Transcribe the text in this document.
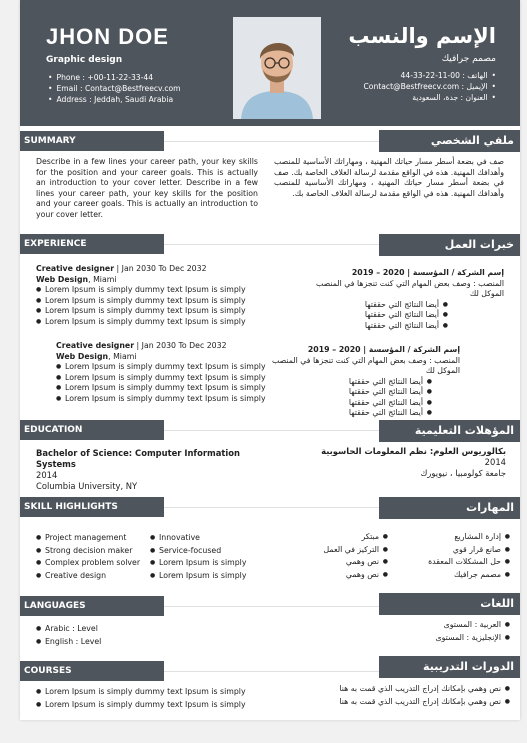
JHON DOE
Graphic design
• Phone : +00-11-22-33-44
• Email : Contact@Bestfreecv.com
• Address : Jeddah, Saudi Arabia
الإسم والنسب
مصمم جرافيك
• الهاتف : 00-11-22-33-44
• الإيميل : Contact@Bestfreecv.com
• العنوان : جدة، السعودية
SUMMARY	ملفي الشخصي
Describe in a few lines your career path, your key skills for the position and your career goals. This is actually an introduction to your cover letter. Describe in a few lines your career path, your key skills for the position and your career goals. This is actually an introduction to your cover letter.
صف في بضعة أسطر مسار حياتك المهنية ، ومهاراتك الأساسية للمنصب وأهدافك المهنية. هذه في الواقع مقدمة لرسالة الغلاف الخاصة بك. صف في بضعة أسطر مسار حياتك المهنية ، ومهاراتك الأساسية للمنصب وأهدافك المهنية. هذه في الواقع مقدمة لرسالة الغلاف الخاصة بك.
EXPERIENCE	خبرات العمل
Creative designer | Jan 2030 To Dec 2032
Web Design, Miami
● Lorem Ipsum is simply dummy text Ipsum is simply
● Lorem Ipsum is simply dummy text Ipsum is simply
● Lorem Ipsum is simply dummy text Ipsum is simply
● Lorem Ipsum is simply dummy text Ipsum is simply
Creative designer | Jan 2030 To Dec 2032
Web Design, Miami
● Lorem Ipsum is simply dummy text Ipsum is simply
● Lorem Ipsum is simply dummy text Ipsum is simply
● Lorem Ipsum is simply dummy text Ipsum is simply
● Lorem Ipsum is simply dummy text Ipsum is simply
إسم الشركة / المؤسسة | 2020 – 2019
المنصب : وصف بعض المهام التي كنت تنجزها في المنصب الموكل لك
● أيضا النتائج التي حققتها
● أيضا النتائج التي حققتها
● أيضا النتائج التي حققتها
إسم الشركة / المؤسسة | 2020 – 2019
المنصب : وصف بعض المهام التي كنت تنجزها في المنصب الموكل لك
● أيضا النتائج التي حققتها
● أيضا النتائج التي حققتها
● أيضا النتائج التي حققتها
● أيضا النتائج التي حققتها
EDUCATION	المؤهلات التعليمية
Bachelor of Science: Computer Information Systems
2014
Columbia University, NY
بكالوريوس العلوم: نظم المعلومات الحاسوبية
2014
جامعة كولومبيا ، نيويورك
SKILL HIGHLIGHTS	المهارات
● Project management
● Strong decision maker
● Complex problem solver
● Creative design
● Innovative
● Service-focused
● Lorem Ipsum is simply
● Lorem Ipsum is simply
● إدارة المشاريع
● صانع قرار قوي
● حل المشكلات المعقدة
● مصمم جرافيك
● مبتكر
● التركيز في العمل
● نص وهمي
● نص وهمي
LANGUAGES	اللغات
● Arabic : Level
● English : Level
● العربية : المستوى
● الإنجليزية : المستوى
COURSES	الدورات التدريبية
● Lorem Ipsum is simply dummy text Ipsum is simply
● Lorem Ipsum is simply dummy text Ipsum is simply
● نص وهمي بإمكانك إدراج التدريب الذي قمت به هنا
● نص وهمي بإمكانك إدراج التدريب الذي قمت به هنا
